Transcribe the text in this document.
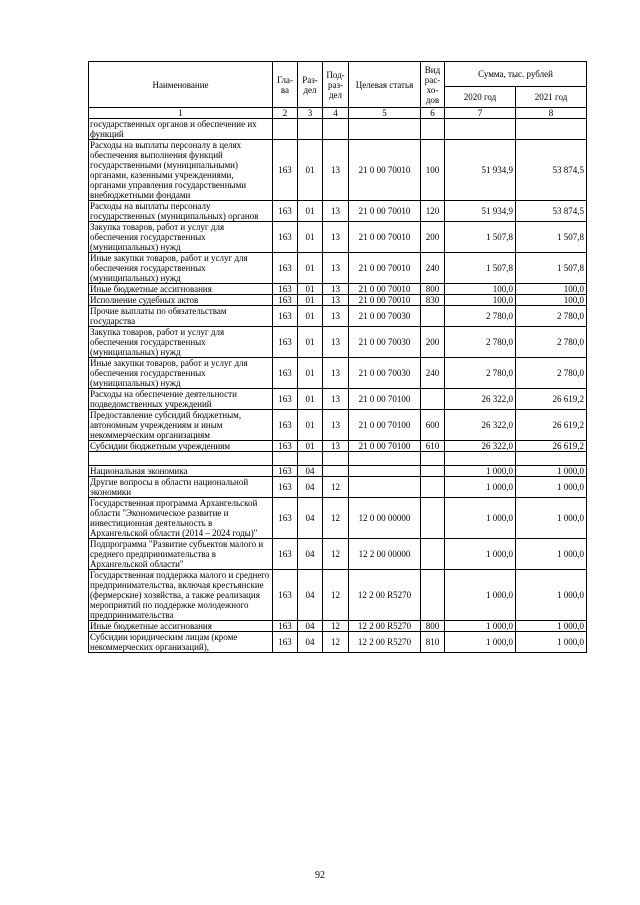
Наименование	Гла-ва	Раз-дел	Под-раз-дел	Целевая статья	Вид рас-хо-дов	Сумма, тыс. рублей	
						2020 год	2021 год
1	2	3	4	5	6	7	8
государственных органов и обеспечение их функций							
Расходы на выплаты персоналу в целях обеспечения выполнения функций государственными (муниципальными) органами, казенными учреждениями, органами управления государственными внебюджетными фондами	163	01	13	21 0 00 70010	100	51 934,9	53 874,5
Расходы на выплаты персоналу государственных (муниципальных) органов	163	01	13	21 0 00 70010	120	51 934,9	53 874,5
Закупка товаров, работ и услуг для обеспечения государственных (муниципальных) нужд	163	01	13	21 0 00 70010	200	1 507,8	1 507,8
Иные закупки товаров, работ и услуг для обеспечения государственных (муниципальных) нужд	163	01	13	21 0 00 70010	240	1 507,8	1 507,8
Иные бюджетные ассигнования	163	01	13	21 0 00 70010	800	100,0	100,0
Исполнение судебных актов	163	01	13	21 0 00 70010	830	100,0	100,0
Прочие выплаты по обязательствам государства	163	01	13	21 0 00 70030		2 780,0	2 780,0
Закупка товаров, работ и услуг для обеспечения государственных (муниципальных) нужд	163	01	13	21 0 00 70030	200	2 780,0	2 780,0
Иные закупки товаров, работ и услуг для обеспечения государственных (муниципальных) нужд	163	01	13	21 0 00 70030	240	2 780,0	2 780,0
Расходы на обеспечение деятельности подведомственных учреждений	163	01	13	21 0 00 70100		26 322,0	26 619,2
Предоставление субсидий бюджетным, автономным учреждениям и иным некоммерческим организациям	163	01	13	21 0 00 70100	600	26 322,0	26 619,2
Субсидии бюджетным учреждениям	163	01	13	21 0 00 70100	610	26 322,0	26 619,2

Национальная экономика	163	04				1 000,0	1 000,0
Другие вопросы в области национальной экономики	163	04	12			1 000,0	1 000,0
Государственная программа Архангельской области "Экономическое развитие и инвестиционная деятельность в Архангельской области (2014 – 2024 годы)"	163	04	12	12 0 00 00000		1 000,0	1 000,0
Подпрограмма "Развитие субъектов малого и среднего предпринимательства в Архангельской области"	163	04	12	12 2 00 00000		1 000,0	1 000,0
Государственная поддержка малого и среднего предпринимательства, включая крестьянские (фермерские) хозяйства, а также реализация мероприятий по поддержке молодежного предпринимательства	163	04	12	12 2 00 R5270		1 000,0	1 000,0
Иные бюджетные ассигнования	163	04	12	12 2 00 R5270	800	1 000,0	1 000,0
Субсидии юридическим лицам (кроме некоммерческих организаций),	163	04	12	12 2 00 R5270	810	1 000,0	1 000,0
92
